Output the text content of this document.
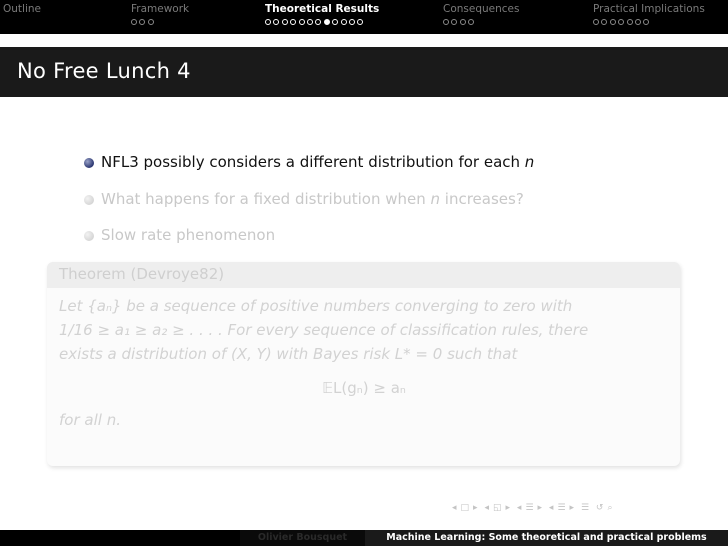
Outline	Framework	Theoretical Results	Consequences	Practical Implications
No Free Lunch 4
NFL3 possibly considers a different distribution for each n
What happens for a fixed distribution when n increases?
Slow rate phenomenon
Theorem (Devroye82)
Let {aₙ} be a sequence of positive numbers converging to zero with
1/16 ≥ a₁ ≥ a₂ ≥ . . . . For every sequence of classification rules, there
exists a distribution of (X, Y) with Bayes risk L* = 0 such that
𝔼L(gₙ) ≥ aₙ
for all n.
◂ □ ▸ ◂ ◱ ▸ ◂ ☰ ▸ ◂ ☰ ▸ ☰ ↺ ⌕
Olivier Bousquet	Machine Learning: Some theoretical and practical problems
